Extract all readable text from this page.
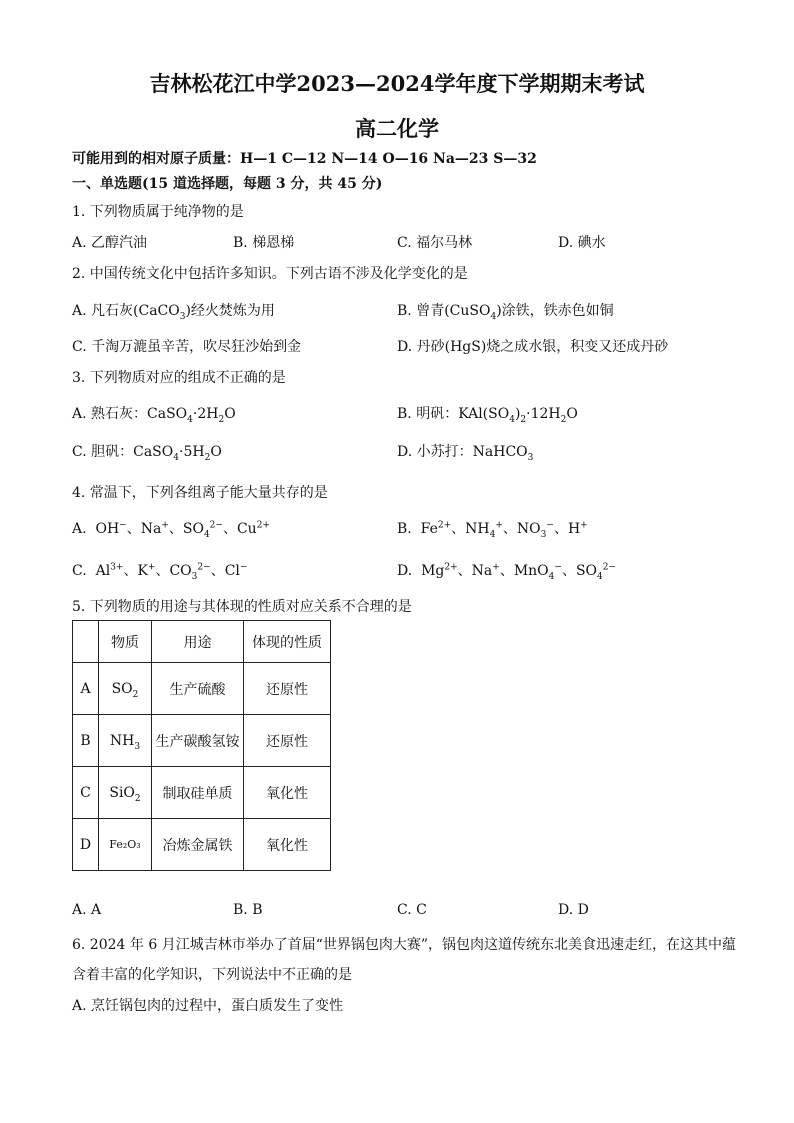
吉林松花江中学2023—2024学年度下学期期末考试
高二化学
可能用到的相对原子质量：H—1 C—12 N—14 O—16 Na—23 S—32
一、单选题(15 道选择题，每题 3 分，共 45 分)
1. 下列物质属于纯净物的是
A. 乙醇汽油	B. 梯恩梯	C. 福尔马林	D. 碘水
2. 中国传统文化中包括许多知识。下列古语不涉及化学变化的是
A. 凡石灰(CaCO$_3$)经火焚炼为用	B. 曾青(CuSO$_4$)涂铁，铁赤色如铜
C. 千淘万漉虽辛苦，吹尽狂沙始到金	D. 丹砂(HgS)烧之成水银，积变又还成丹砂
3. 下列物质对应的组成不正确的是
A. 熟石灰：$CaSO_4\cdot 2H_2O$	B. 明矾：$KAl(SO_4)_2\cdot 12H_2O$
C. 胆矾：$CaSO_4\cdot 5H_2O$	D. 小苏打：NaHCO$_3$
4. 常温下，下列各组离子能大量共存的是
A. OH−、Na+、$SO_4^{2-}$、$Cu^{2+}$	B. $Fe^{2+}$、$NH_4^+$、$NO_3^-$、H+
C. $Al^{3+}$、K+、$CO_3^{2-}$、Cl−	D. $Mg^{2+}$、Na+、MnO$_4$−、$SO_4^{2-}$
5. 下列物质的用途与其体现的性质对应关系不合理的是
	物质	用途	体现的性质
A	$SO_2$	生产硫酸	还原性
B	$NH_3$	生产碳酸氢铵	还原性
C	SiO$_2$	制取硅单质	氧化性
D	Fe₂O₃	冶炼金属铁	氧化性
A. A	B. B	C. C	D. D
6. 2024 年 6 月江城吉林市举办了首届“世界锅包肉大赛”，锅包肉这道传统东北美食迅速走红，在这其中蕴
含着丰富的化学知识，下列说法中不正确的是
A. 烹饪锅包肉的过程中，蛋白质发生了变性
